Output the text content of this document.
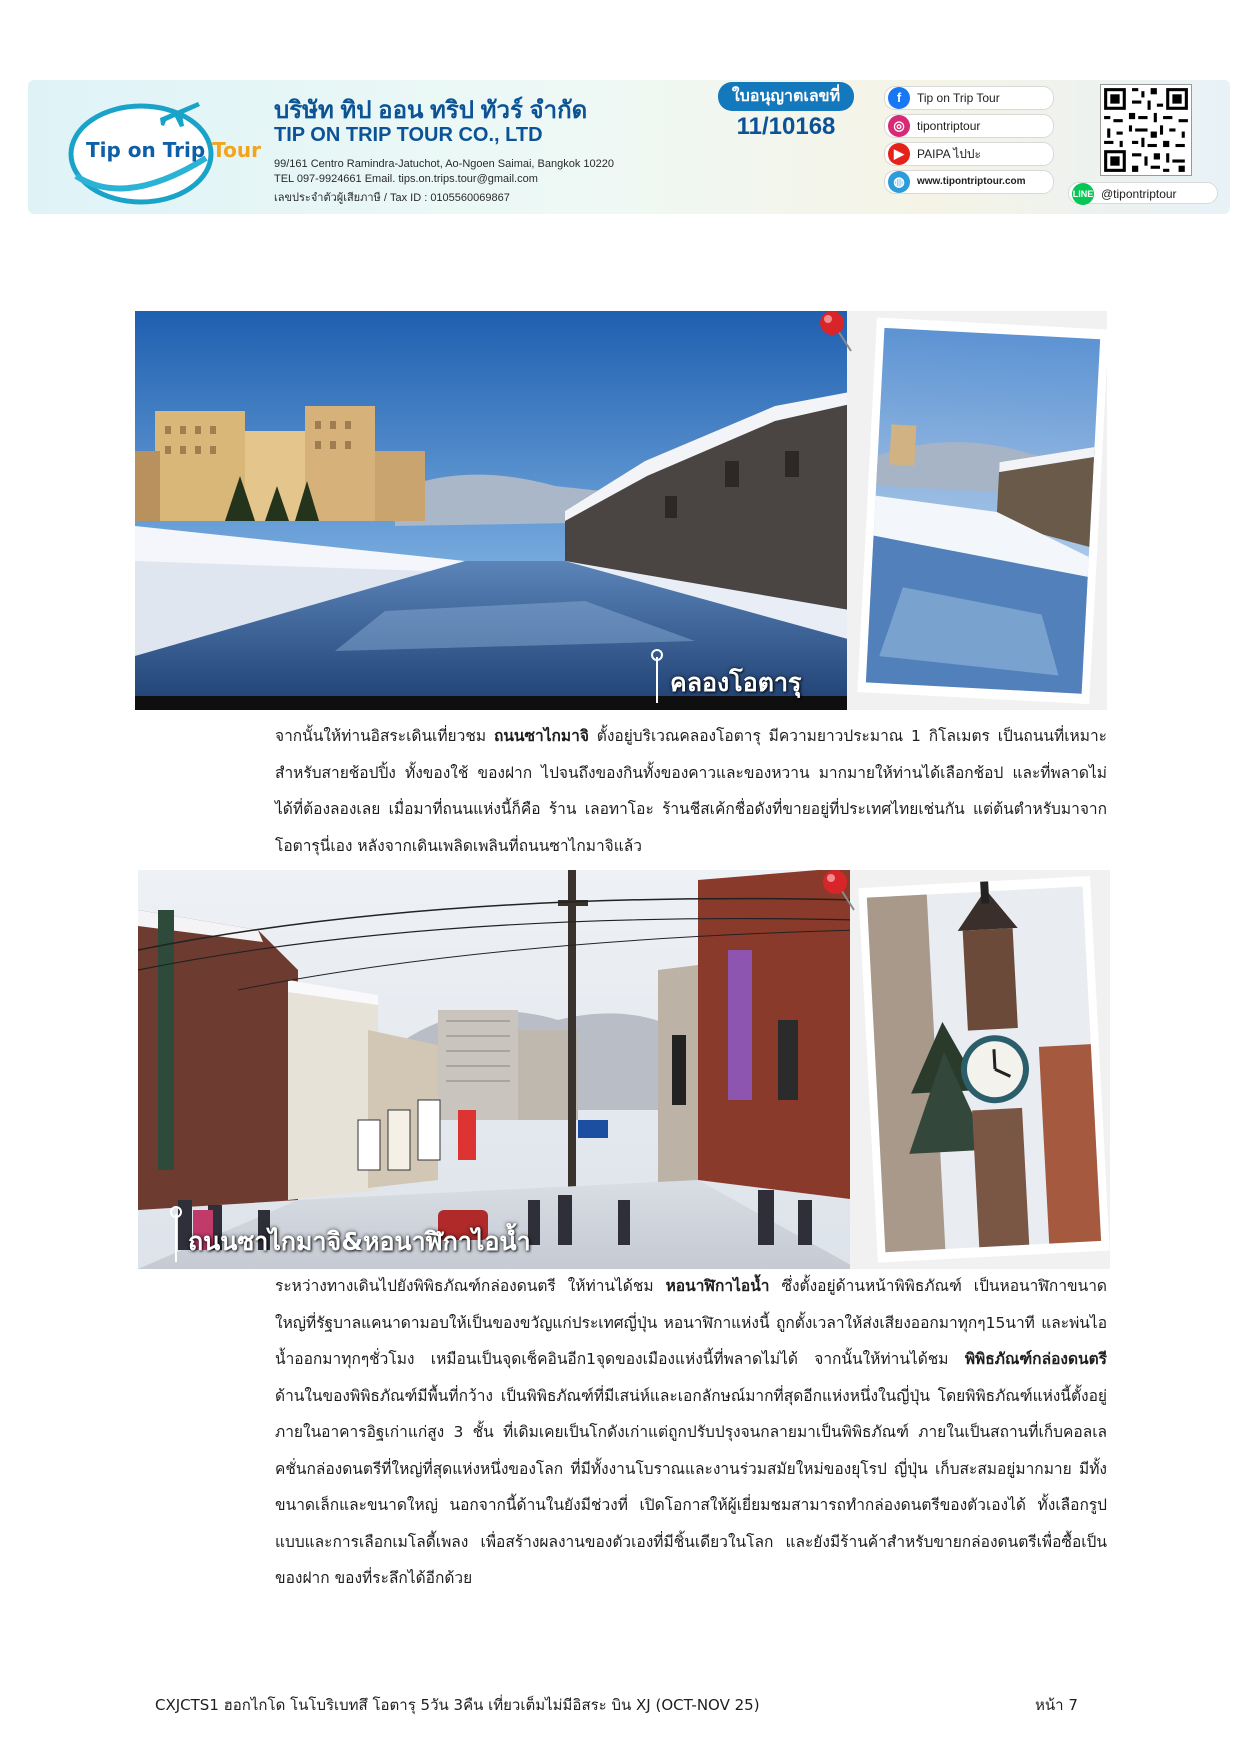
Tip on Trip Tour
บริษัท ทิป ออน ทริป ทัวร์ จำกัด
TIP ON TRIP TOUR CO., LTD
99/161 Centro Ramindra-Jatuchot, Ao-Ngoen Saimai, Bangkok 10220
TEL 097-9924661 Email. tips.on.trips.tour@gmail.com
เลขประจำตัวผู้เสียภาษี / Tax ID : 0105560069867
ใบอนุญาตเลขที่
11/10168
f	Tip on Trip Tour
◎	tipontriptour
▶	PAIPA ไปปะ
◍	www.tipontriptour.com
LINE @tipontriptour
คลองโอตารุ

จากนั้นให้ท่านอิสระเดินเที่ยวชม ถนนซาไกมาจิ ตั้งอยู่บริเวณคลองโอตารุ มีความยาวประมาณ 1 กิโลเมตร เป็นถนนที่เหมาะสำหรับสายช้อปปิ้ง ทั้งของใช้ ของฝาก ไปจนถึงของกินทั้งของคาวและของหวาน มากมายให้ท่านได้เลือกช้อป และที่พลาดไม่ได้ที่ต้องลองเลย เมื่อมาที่ถนนแห่งนี้ก็คือ ร้าน เลอทาโอะ ร้านชีสเค้กชื่อดังที่ขายอยู่ที่ประเทศไทยเช่นกัน แต่ต้นตำหรับมาจากโอตารุนี่เอง หลังจากเดินเพลิดเพลินที่ถนนซาไกมาจิแล้ว

ถนนซาไกมาจิ&หอนาฬิกาไอน้ำ

ระหว่างทางเดินไปยังพิพิธภัณฑ์กล่องดนตรี ให้ท่านได้ชม หอนาฬิกาไอน้ำ ซึ่งตั้งอยู่ด้านหน้าพิพิธภัณฑ์ เป็นหอนาฬิกาขนาดใหญ่ที่รัฐบาลแคนาดามอบให้เป็นของขวัญแก่ประเทศญี่ปุ่น หอนาฬิกาแห่งนี้ ถูกตั้งเวลาให้ส่งเสียงออกมาทุกๆ15นาที และพ่นไอน้ำออกมาทุกๆชั่วโมง เหมือนเป็นจุดเช็คอินอีก1จุดของเมืองแห่งนี้ที่พลาดไม่ได้ จากนั้นให้ท่านได้ชม พิพิธภัณฑ์กล่องดนตรี ด้านในของพิพิธภัณฑ์มีพื้นที่กว้าง เป็นพิพิธภัณฑ์ที่มีเสน่ห์และเอกลักษณ์มากที่สุดอีกแห่งหนึ่งในญี่ปุ่น โดยพิพิธภัณฑ์แห่งนี้ตั้งอยู่ภายในอาคารอิฐเก่าแก่สูง 3 ชั้น ที่เดิมเคยเป็นโกดังเก่าแต่ถูกปรับปรุงจนกลายมาเป็นพิพิธภัณฑ์ ภายในเป็นสถานที่เก็บคอลเลคชั่นกล่องดนตรีที่ใหญ่ที่สุดแห่งหนึ่งของโลก ที่มีทั้งงานโบราณและงานร่วมสมัยใหม่ของยุโรป ญี่ปุ่น เก็บสะสมอยู่มากมาย มีทั้งขนาดเล็กและขนาดใหญ่ นอกจากนี้ด้านในยังมีช่วงที่ เปิดโอกาสให้ผู้เยี่ยมชมสามารถทำกล่องดนตรีของตัวเองได้ ทั้งเลือกรูปแบบและการเลือกเมโลดี้เพลง เพื่อสร้างผลงานของตัวเองที่มีชิ้นเดียวในโลก และยังมีร้านค้าสำหรับขายกล่องดนตรีเพื่อซื้อเป็นของฝาก ของที่ระลึกได้อีกด้วย

CXJCTS1 ฮอกไกโด โนโบริเบทสึ โอตารุ 5วัน 3คืน เที่ยวเต็มไม่มีอิสระ บิน XJ (OCT-NOV 25)	หน้า 7
